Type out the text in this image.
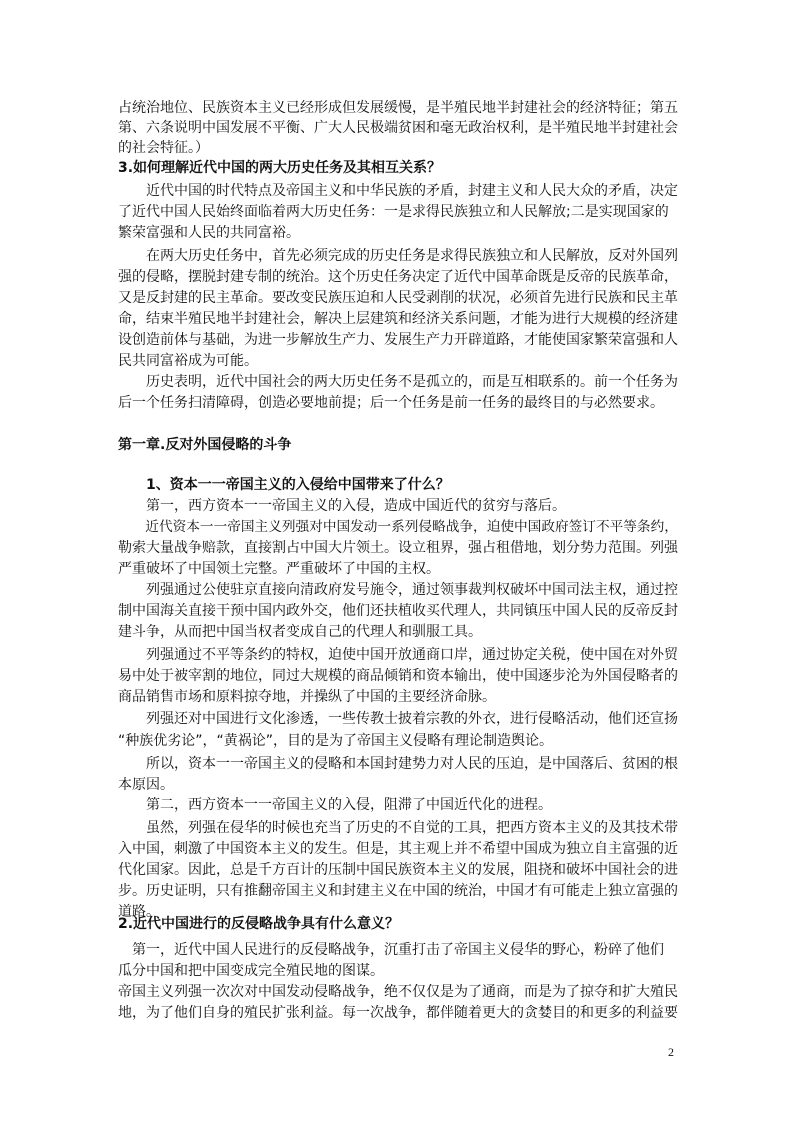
占统治地位、民族资本主义已经形成但发展缓慢，是半殖民地半封建社会的经济特征；第五
第、六条说明中国发展不平衡、广大人民极端贫困和毫无政治权利，是半殖民地半封建社会
的社会特征。）
3.如何理解近代中国的两大历史任务及其相互关系？
　　近代中国的时代特点及帝国主义和中华民族的矛盾，封建主义和人民大众的矛盾，决定
了近代中国人民始终面临着两大历史任务：一是求得民族独立和人民解放;二是实现国家的
繁荣富强和人民的共同富裕。
　　在两大历史任务中，首先必须完成的历史任务是求得民族独立和人民解放，反对外国列
强的侵略，摆脱封建专制的统治。这个历史任务决定了近代中国革命既是反帝的民族革命，
又是反封建的民主革命。要改变民族压迫和人民受剥削的状况，必须首先进行民族和民主革
命，结束半殖民地半封建社会，解决上层建筑和经济关系问题，才能为进行大规模的经济建
设创造前体与基础，为进一步解放生产力、发展生产力开辟道路，才能使国家繁荣富强和人
民共同富裕成为可能。
　　历史表明，近代中国社会的两大历史任务不是孤立的，而是互相联系的。前一个任务为
后一个任务扫清障碍，创造必要地前提；后一个任务是前一任务的最终目的与必然要求。
第一章.反对外国侵略的斗争
　　1、资本一一帝国主义的入侵给中国带来了什么？
　　第一，西方资本一一帝国主义的入侵，造成中国近代的贫穷与落后。
　　近代资本一一帝国主义列强对中国发动一系列侵略战争，迫使中国政府签订不平等条约，
勒索大量战争赔款，直接割占中国大片领土。设立租界，强占租借地，划分势力范围。列强
严重破坏了中国领土完整。严重破坏了中国的主权。
　　列强通过公使驻京直接向清政府发号施令，通过领事裁判权破坏中国司法主权，通过控
制中国海关直接干预中国内政外交，他们还扶植收买代理人，共同镇压中国人民的反帝反封
建斗争，从而把中国当权者变成自己的代理人和驯服工具。
　　列强通过不平等条约的特权，迫使中国开放通商口岸，通过协定关税，使中国在对外贸
易中处于被宰割的地位，同过大规模的商品倾销和资本输出，使中国逐步沦为外国侵略者的
商品销售市场和原料掠夺地，并操纵了中国的主要经济命脉。
　　列强还对中国进行文化渗透，一些传教士披着宗教的外衣，进行侵略活动，他们还宣扬
“种族优劣论”，“黄祸论”，目的是为了帝国主义侵略有理论制造舆论。
　　所以，资本一一帝国主义的侵略和本国封建势力对人民的压迫，是中国落后、贫困的根
本原因。
　　第二，西方资本一一帝国主义的入侵，阻滞了中国近代化的进程。
　　虽然，列强在侵华的时候也充当了历史的不自觉的工具，把西方资本主义的及其技术带
入中国，刺激了中国资本主义的发生。但是，其主观上并不希望中国成为独立自主富强的近
代化国家。因此，总是千方百计的压制中国民族资本主义的发展，阻挠和破坏中国社会的进
步。历史证明，只有推翻帝国主义和封建主义在中国的统治，中国才有可能走上独立富强的
道路。
2.近代中国进行的反侵略战争具有什么意义？
　第一，近代中国人民进行的反侵略战争，沉重打击了帝国主义侵华的野心，粉碎了他们
瓜分中国和把中国变成完全殖民地的图谋。
帝国主义列强一次次对中国发动侵略战争，绝不仅仅是为了通商，而是为了掠夺和扩大殖民
地，为了他们自身的殖民扩张利益。每一次战争，都伴随着更大的贪婪目的和更多的利益要
2
